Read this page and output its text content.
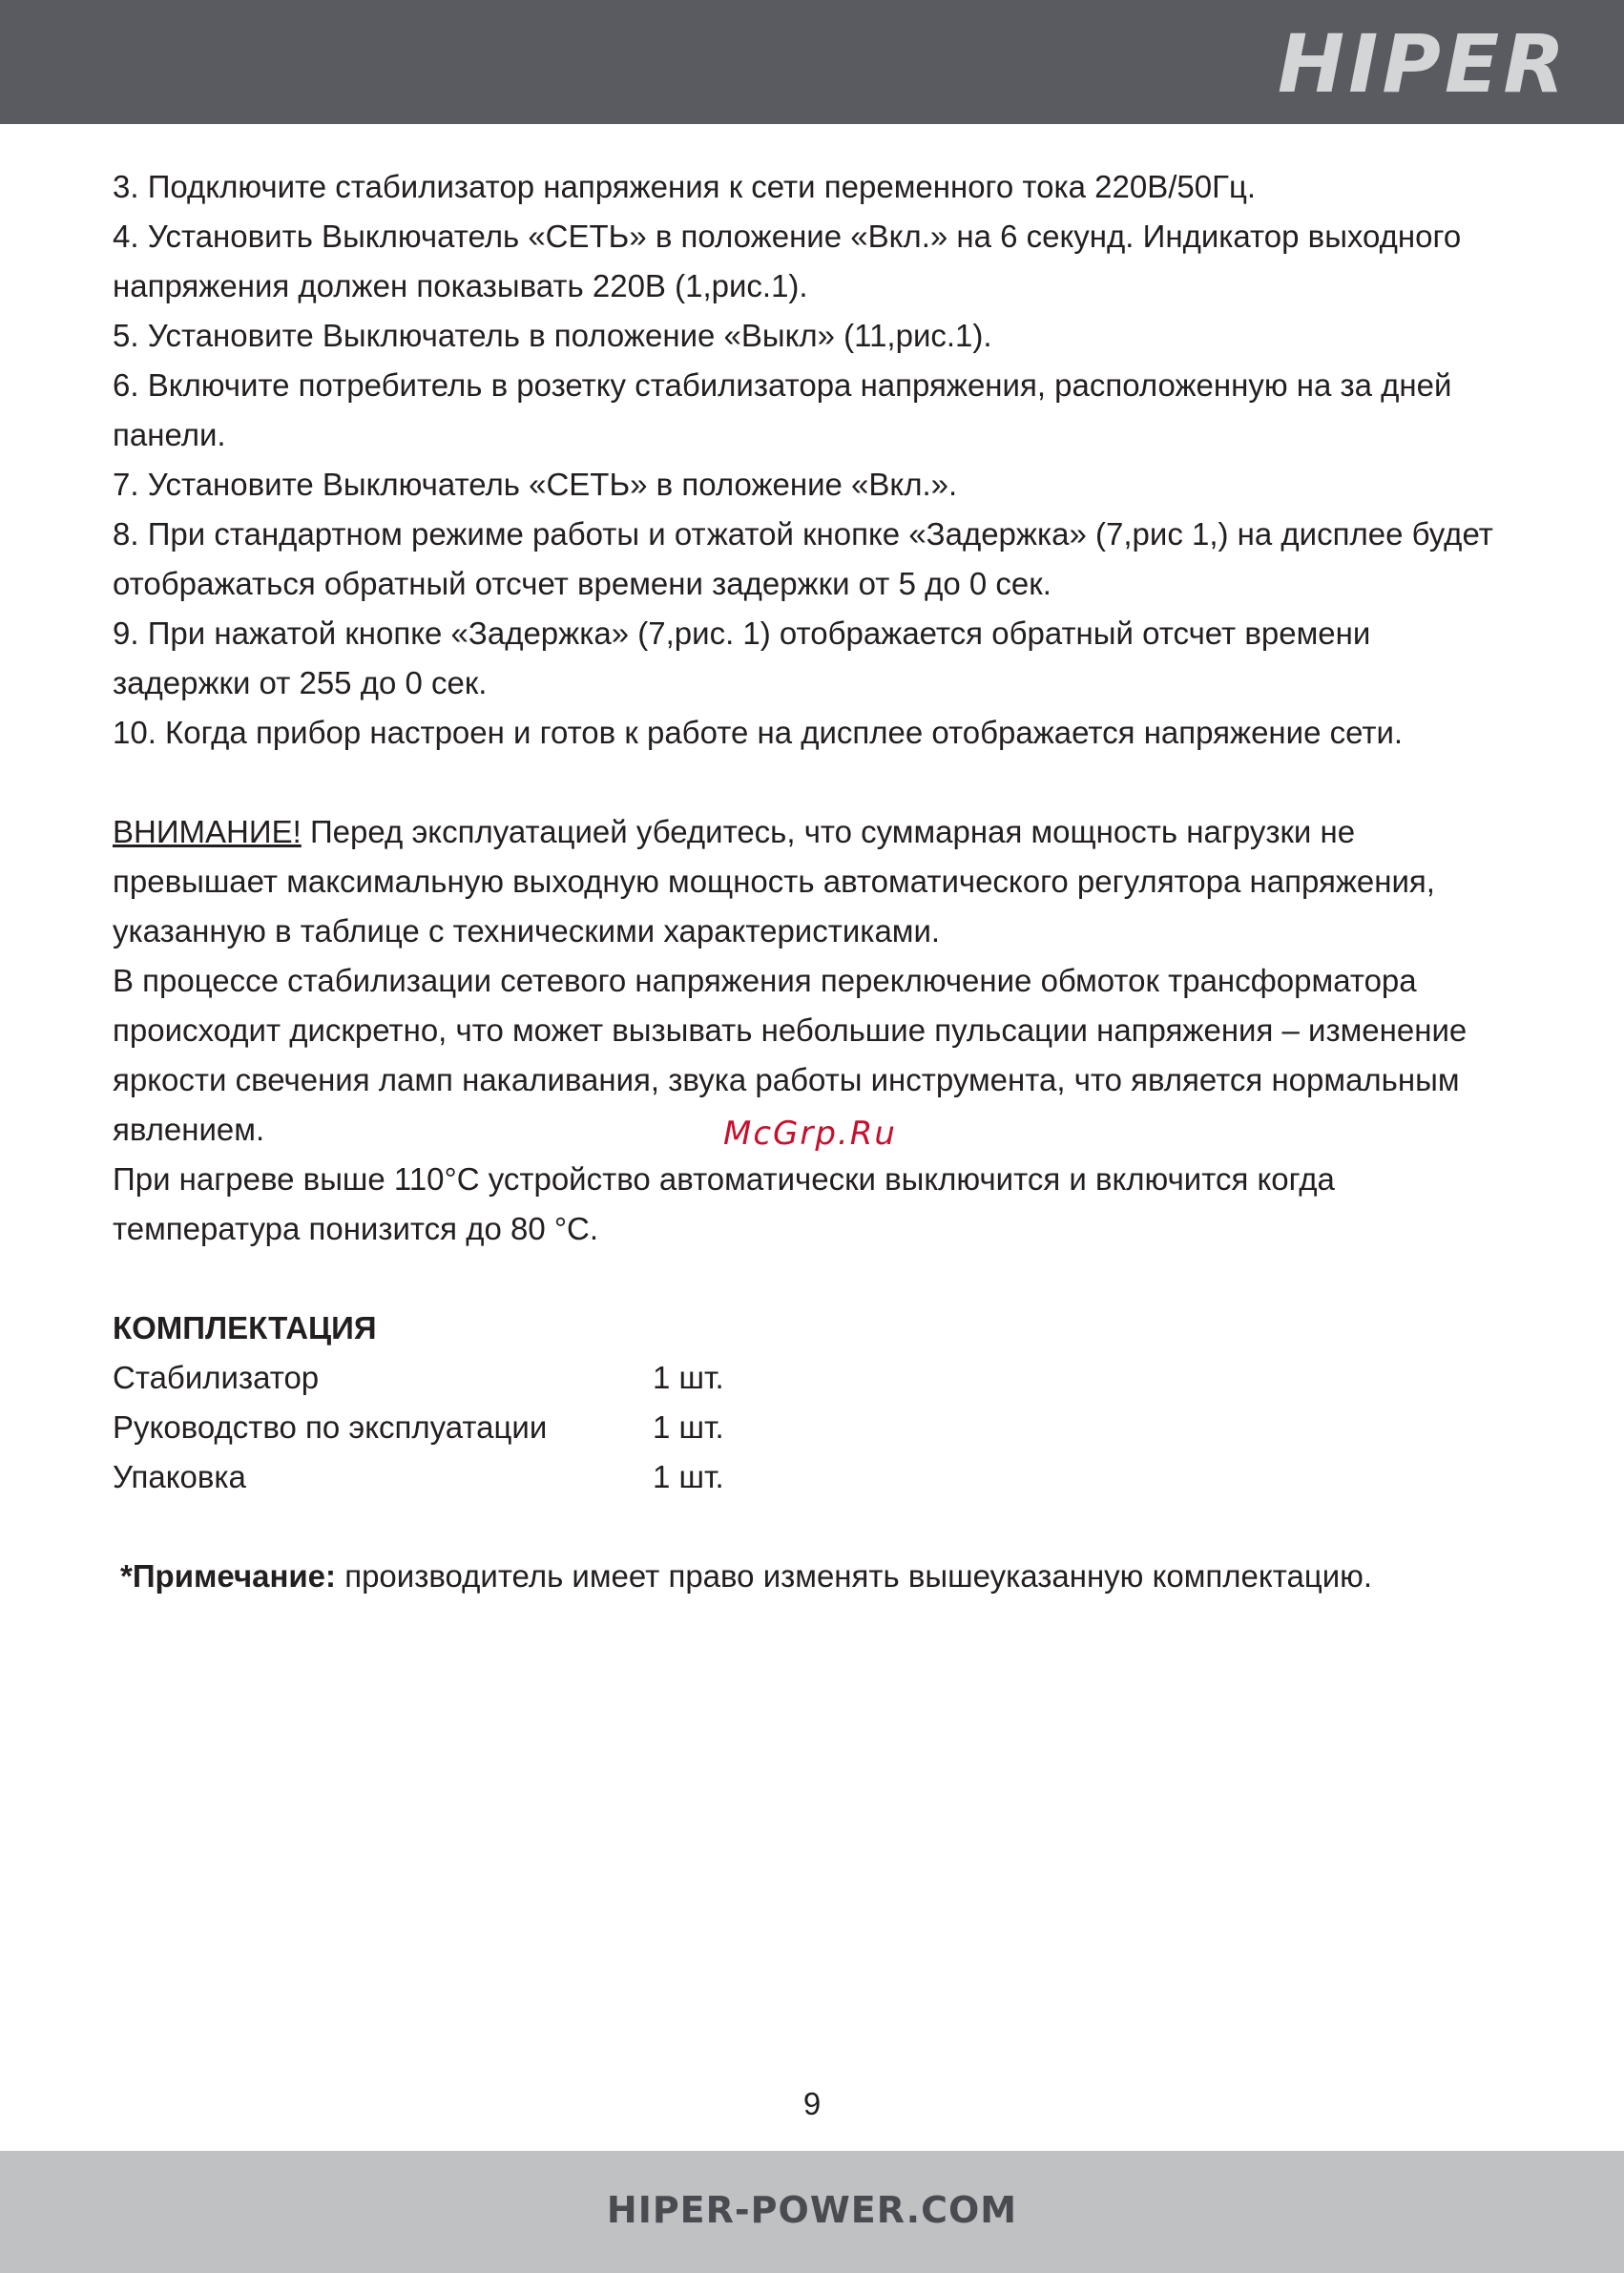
HIPER

3. Подключите стабилизатор напряжения к сети переменного тока 220В/50Гц.

4. Установить Выключатель «СЕТЬ» в положение «Вкл.» на 6 секунд. Индикатор выходного напряжения должен показывать 220В (1,рис.1).

5. Установите Выключатель в положение «Выкл» (11,рис.1).

6. Включите потребитель в розетку стабилизатора напряжения, расположенную на за дней панели.

7. Установите Выключатель «СЕТЬ» в положение «Вкл.».

8. При стандартном режиме работы и отжатой кнопке «Задержка» (7,рис 1,) на дисплее будет отображаться обратный отсчет времени задержки от 5 до 0 сек.

9. При нажатой кнопке «Задержка» (7,рис. 1) отображается обратный отсчет времени задержки от 255 до 0 сек.

10. Когда прибор настроен и готов к работе на дисплее отображается напряжение сети.

ВНИМАНИЕ! Перед эксплуатацией убедитесь, что суммарная мощность нагрузки не превышает максимальную выходную мощность автоматического регулятора напряжения, указанную в таблице с техническими характеристиками.

В процессе стабилизации сетевого напряжения переключение обмоток трансформатора происходит дискретно, что может вызывать небольшие пульсации напряжения – изменение яркости свечения ламп накаливания, звука работы инструмента, что является нормальным явлением.

При нагреве выше 110°С устройство автоматически выключится и включится когда температура понизится до 80 °С.

КОМПЛЕКТАЦИЯ

Стабилизатор	1 шт.
Руководство по эксплуатации	1 шт.
Упаковка	1 шт.

*Примечание: производитель имеет право изменять вышеуказанную комплектацию.

McGrp.Ru
9
HIPER-POWER.COM
